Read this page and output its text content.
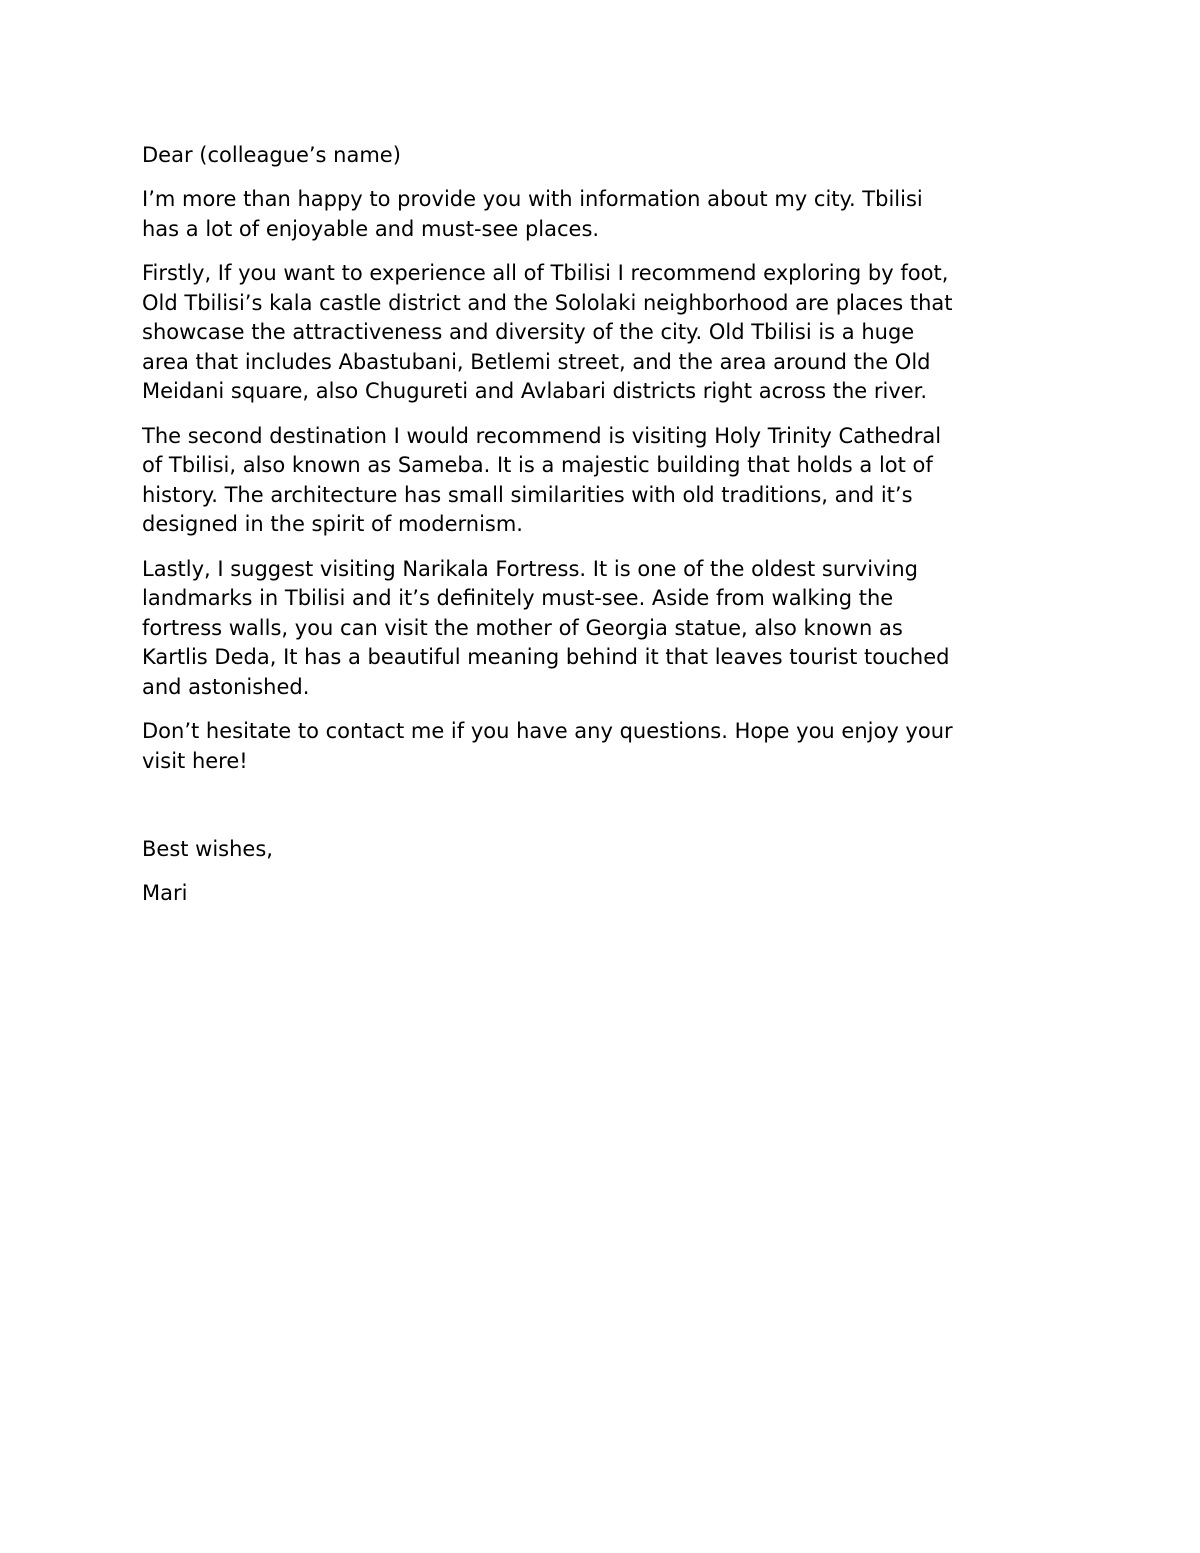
Dear (colleague’s name)

I’m more than happy to provide you with information about my city. Tbilisi
has a lot of enjoyable and must-see places.

Firstly, If you want to experience all of Tbilisi I recommend exploring by foot,
Old Tbilisi’s kala castle district and the Sololaki neighborhood are places that
showcase the attractiveness and diversity of the city. Old Tbilisi is a huge
area that includes Abastubani, Betlemi street, and the area around the Old
Meidani square, also Chugureti and Avlabari districts right across the river.

The second destination I would recommend is visiting Holy Trinity Cathedral
of Tbilisi, also known as Sameba. It is a majestic building that holds a lot of
history. The architecture has small similarities with old traditions, and it’s
designed in the spirit of modernism.

Lastly, I suggest visiting Narikala Fortress. It is one of the oldest surviving
landmarks in Tbilisi and it’s definitely must-see. Aside from walking the
fortress walls, you can visit the mother of Georgia statue, also known as
Kartlis Deda, It has a beautiful meaning behind it that leaves tourist touched
and astonished.

Don’t hesitate to contact me if you have any questions. Hope you enjoy your
visit here!

Best wishes,

Mari
